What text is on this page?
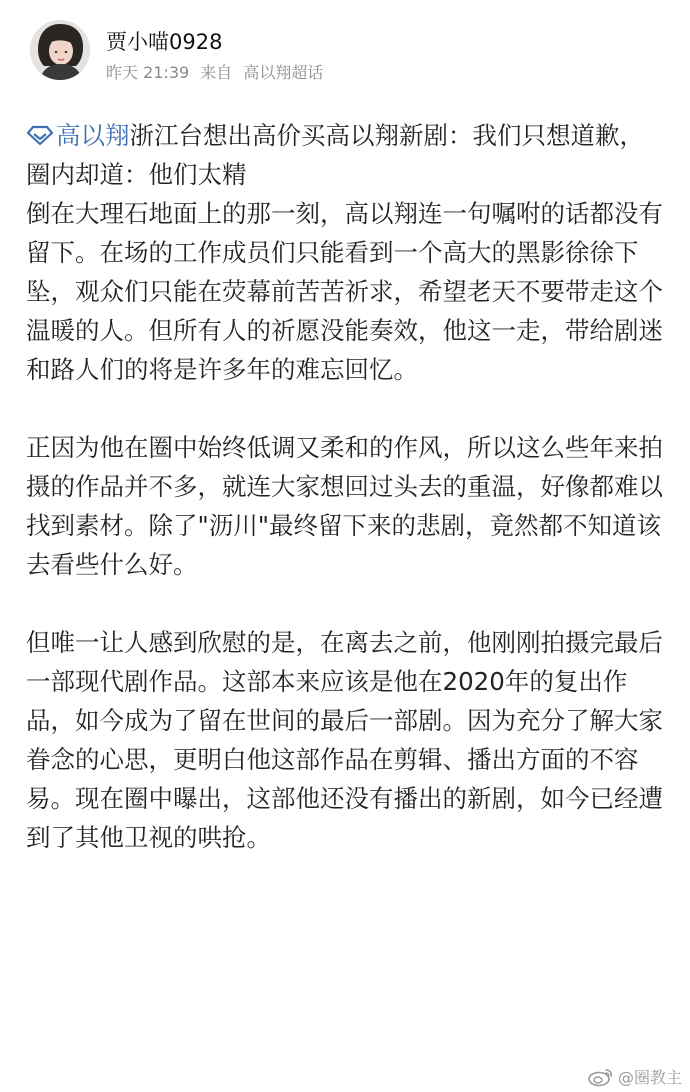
贾小喵0928
昨天 21:39 来自 高以翔超话

高以翔浙江台想出高价买高以翔新剧：我们只想道歉，圈内却道：他们太精

倒在大理石地面上的那一刻，高以翔连一句嘱咐的话都没有留下。在场的工作成员们只能看到一个高大的黑影徐徐下坠，观众们只能在荧幕前苦苦祈求，希望老天不要带走这个温暖的人。但所有人的祈愿没能奏效，他这一走，带给剧迷和路人们的将是许多年的难忘回忆。

正因为他在圈中始终低调又柔和的作风，所以这么些年来拍摄的作品并不多，就连大家想回过头去的重温，好像都难以找到素材。除了"沥川"最终留下来的悲剧，竟然都不知道该去看些什么好。

但唯一让人感到欣慰的是，在离去之前，他刚刚拍摄完最后一部现代剧作品。这部本来应该是他在2020年的复出作品，如今成为了留在世间的最后一部剧。因为充分了解大家眷念的心思，更明白他这部作品在剪辑、播出方面的不容易。现在圈中曝出，这部他还没有播出的新剧，如今已经遭到了其他卫视的哄抢。

@圈教主
